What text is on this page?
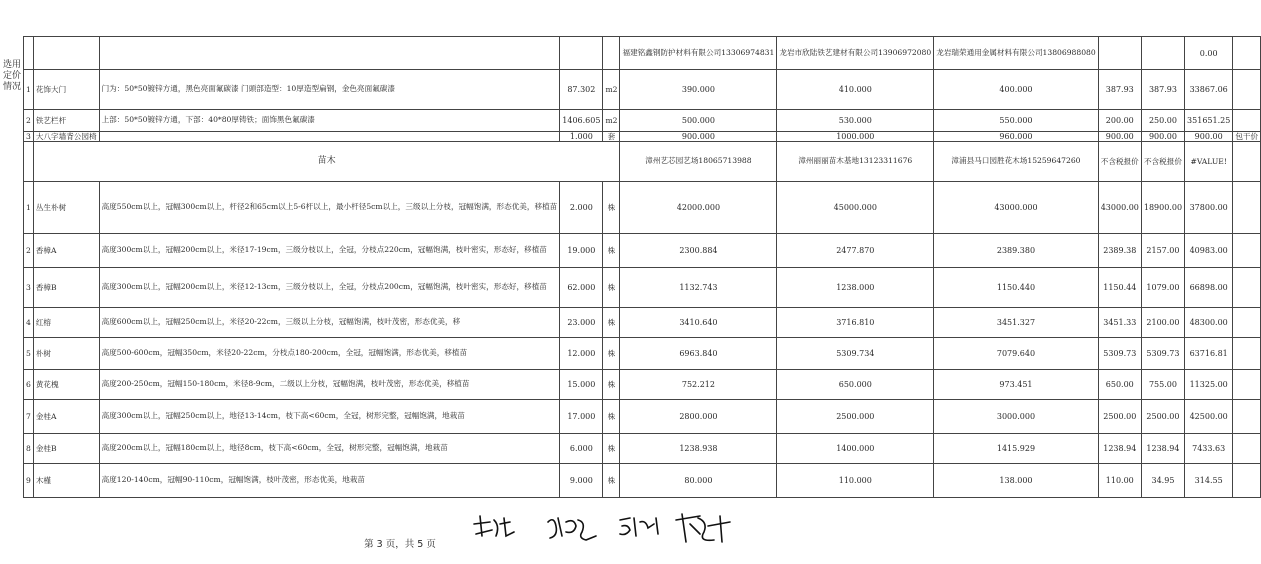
选用定价情况
					福建铭鑫钢防护材料有限公司13306974831	龙岩市欣陆铁艺建材有限公司13906972080	龙岩瑞荣通用金属材料有限公司13806988080			0.00	
1	花饰大门	门为：50*50镀锌方通，黑色亮面氟碳漆 门頭部造型：10厚造型扁钢，金色亮面氟碳漆	87.302	m2	390.000	410.000	400.000	387.93	387.93	33867.06	
2	铁艺栏杆	上部：50*50镀锌方通，下部：40*80厚铸铁；面饰黑色氟碳漆	1406.605	m2	500.000	530.000	550.000	200.00	250.00	351651.25	
3	大八字墙背公园椅		1.000	套	900.000	1000.000	960.000	900.00	900.00	900.00	包干价
	苗木				漳州艺芯园艺场18065713988	漳州丽丽苗木基地13123311676	漳浦县马口园胜花木场15259647260	不含税报价	不含税报价	#VALUE!	
1	丛生朴树	高度550cm以上，冠幅300cm以上，杆径2和65cm以上5-6杆以上，最小杆径5cm以上，三级以上分枝，冠幅饱满，形态优美，移植苗	2.000	株	42000.000	45000.000	43000.000	43000.00	18900.00	37800.00	
2	香樟A	高度300cm以上，冠幅200cm以上，米径17-19cm，三级分枝以上，全冠，分枝点220cm，冠幅饱满，枝叶密实，形态好，移植苗	19.000	株	2300.884	2477.870	2389.380	2389.38	2157.00	40983.00	
3	香樟B	高度300cm以上，冠幅200cm以上，米径12-13cm，三级分枝以上，全冠，分枝点200cm，冠幅饱满，枝叶密实，形态好，移植苗	62.000	株	1132.743	1238.000	1150.440	1150.44	1079.00	66898.00	
4	红榕	高度600cm以上，冠幅250cm以上，米径20-22cm，三级以上分枝，冠幅饱满，枝叶茂密，形态优美，移	23.000	株	3410.640	3716.810	3451.327	3451.33	2100.00	48300.00	
5	朴树	高度500-600cm，冠幅350cm，米径20-22cm，分枝点180-200cm，全冠，冠幅饱满，形态优美，移植苗	12.000	株	6963.840	5309.734	7079.640	5309.73	5309.73	63716.81	
6	黄花槐	高度200-250cm，冠幅150-180cm，米径8-9cm，二级以上分枝，冠幅饱满，枝叶茂密，形态优美，移植苗	15.000	株	752.212	650.000	973.451	650.00	755.00	11325.00	
7	金桂A	高度300cm以上，冠幅250cm以上，地径13-14cm，枝下高<60cm，全冠，树形完整，冠幅饱满，地栽苗	17.000	株	2800.000	2500.000	3000.000	2500.00	2500.00	42500.00	
8	金桂B	高度200cm以上，冠幅180cm以上，地径8cm，枝下高<60cm，全冠，树形完整，冠幅饱满，地栽苗	6.000	株	1238.938	1400.000	1415.929	1238.94	1238.94	7433.63	
9	木槿	高度120-140cm，冠幅90-110cm，冠幅饱满，枝叶茂密，形态优美，地栽苗	9.000	株	80.000	110.000	138.000	110.00	34.95	314.55	
第 3 页，共 5 页
